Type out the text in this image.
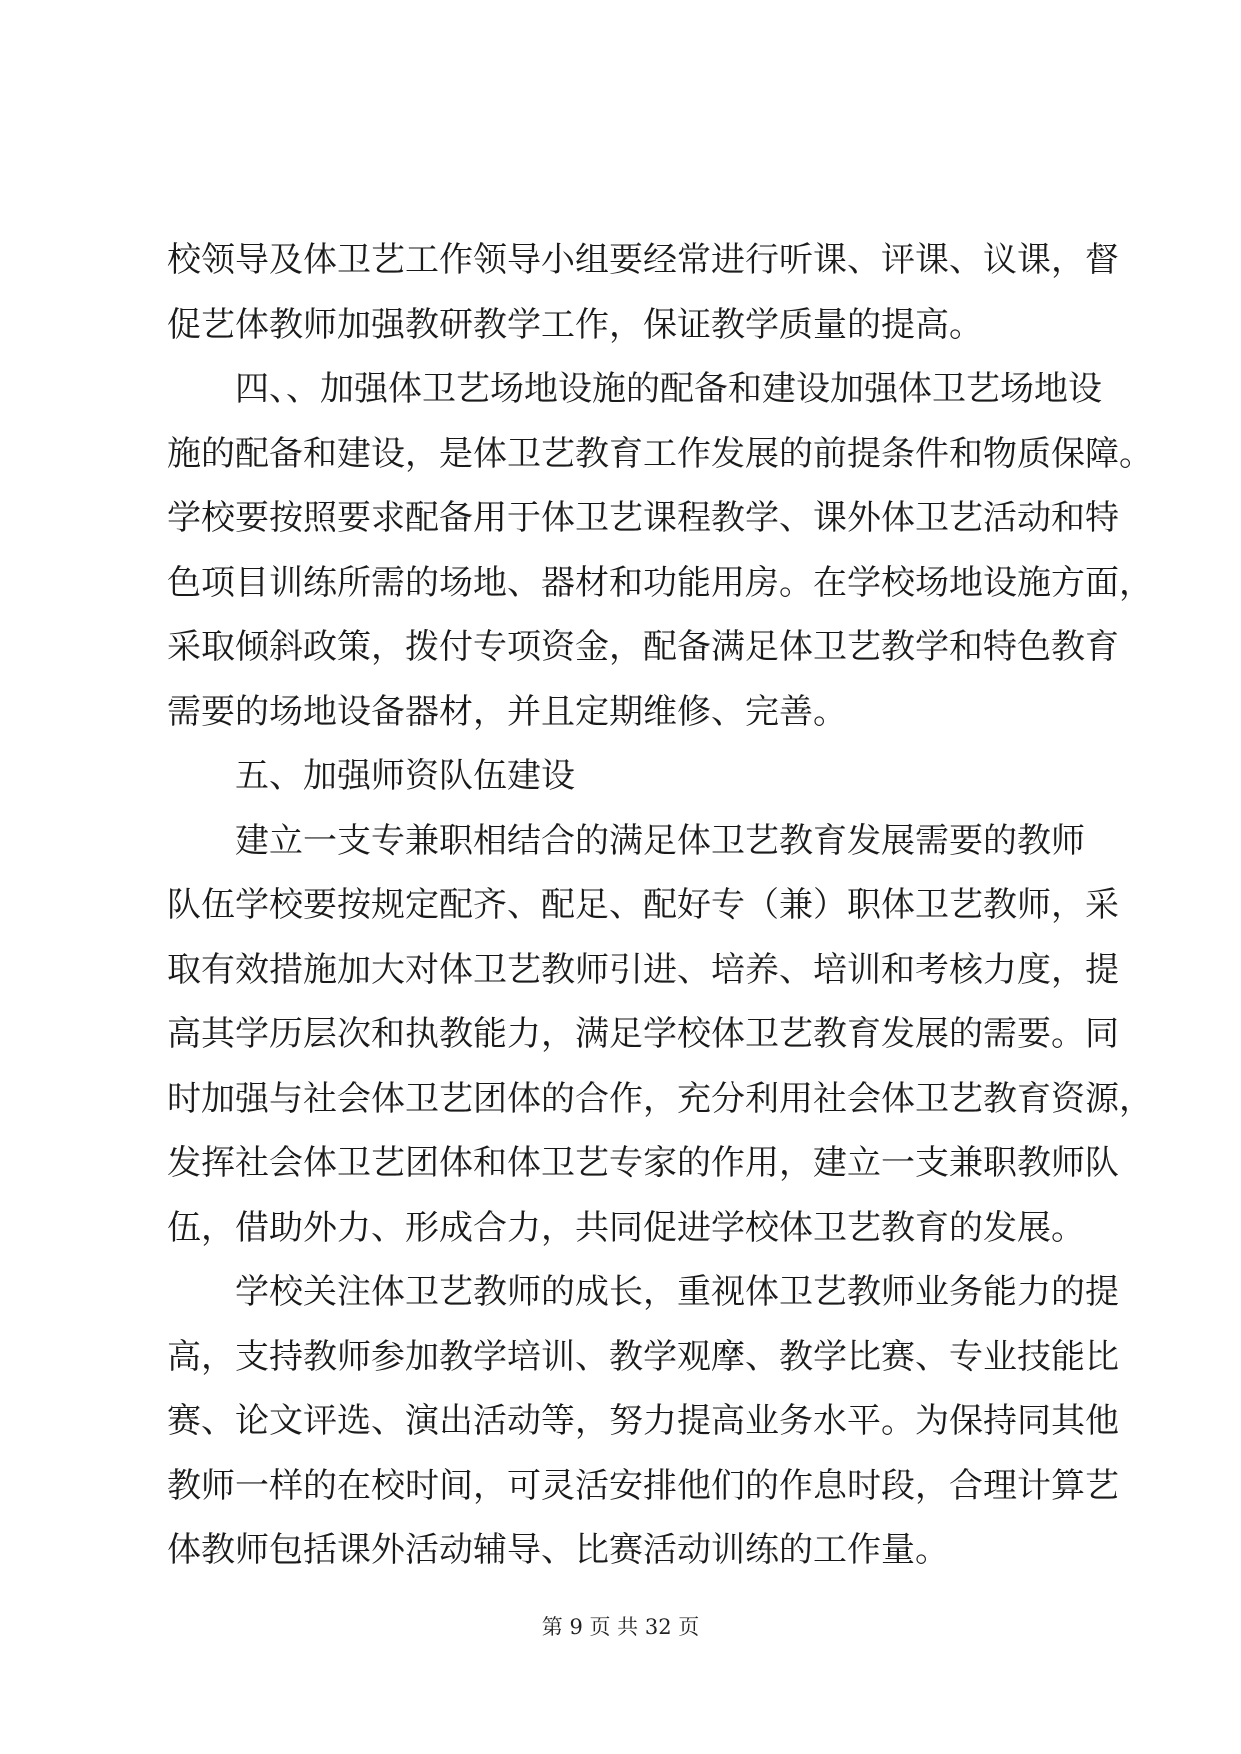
校领导及体卫艺工作领导小组要经常进行听课、评课、议课，督
促艺体教师加强教研教学工作，保证教学质量的提高。
四、、加强体卫艺场地设施的配备和建设加强体卫艺场地设
施的配备和建设，是体卫艺教育工作发展的前提条件和物质保障。
学校要按照要求配备用于体卫艺课程教学、课外体卫艺活动和特
色项目训练所需的场地、器材和功能用房。在学校场地设施方面，
采取倾斜政策，拨付专项资金，配备满足体卫艺教学和特色教育
需要的场地设备器材，并且定期维修、完善。
五、加强师资队伍建设
建立一支专兼职相结合的满足体卫艺教育发展需要的教师
队伍学校要按规定配齐、配足、配好专（兼）职体卫艺教师，采
取有效措施加大对体卫艺教师引进、培养、培训和考核力度，提
高其学历层次和执教能力，满足学校体卫艺教育发展的需要。同
时加强与社会体卫艺团体的合作，充分利用社会体卫艺教育资源，
发挥社会体卫艺团体和体卫艺专家的作用，建立一支兼职教师队
伍，借助外力、形成合力，共同促进学校体卫艺教育的发展。
学校关注体卫艺教师的成长，重视体卫艺教师业务能力的提
高，支持教师参加教学培训、教学观摩、教学比赛、专业技能比
赛、论文评选、演出活动等，努力提高业务水平。为保持同其他
教师一样的在校时间，可灵活安排他们的作息时段，合理计算艺
体教师包括课外活动辅导、比赛活动训练的工作量。
第 9 页 共 32 页
